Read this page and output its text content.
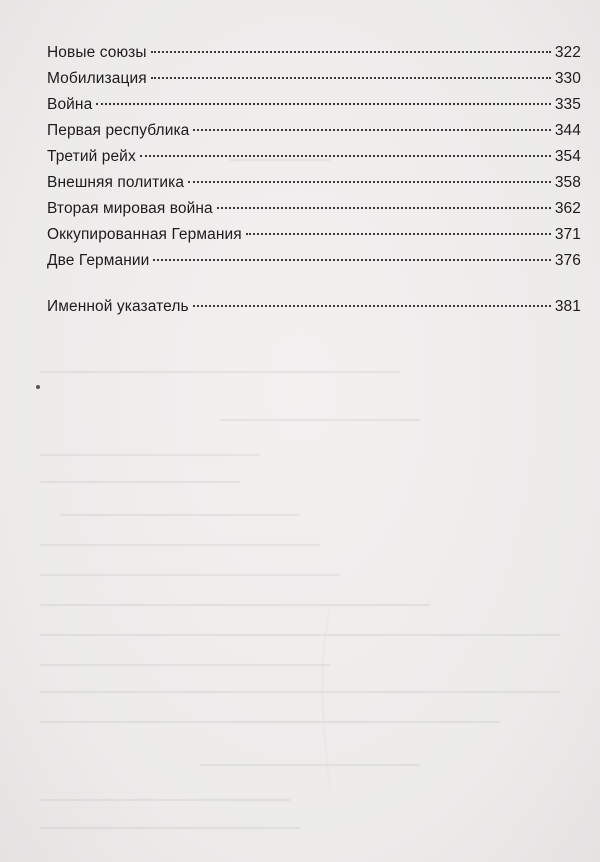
Новые союзы	322
Мобилизация	330
Война	335
Первая республика	344
Третий рейх	354
Внешняя политика	358
Вторая мировая война	362
Оккупированная Германия	371
Две Германии	376
Именной указатель	381
